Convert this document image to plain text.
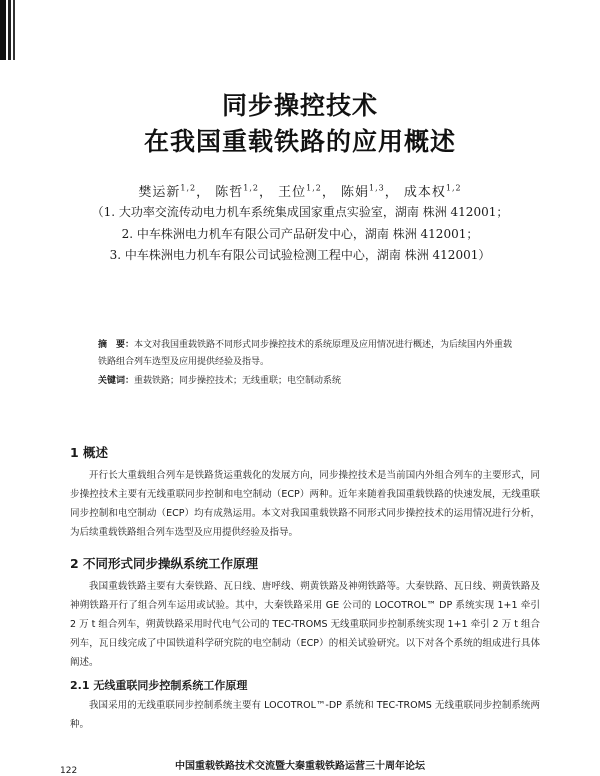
同步操控技术
在我国重载铁路的应用概述
樊运新$^{1,2}$， 陈哲$^{1,2}$， 王位$^{1,2}$， 陈娟$^{1,3}$， 成本权$^{1,2}$
（1. 大功率交流传动电力机车系统集成国家重点实验室，湖南 株洲 412001；
2. 中车株洲电力机车有限公司产品研发中心，湖南 株洲 412001；
3. 中车株洲电力机车有限公司试验检测工程中心，湖南 株洲 412001）
摘　要：本文对我国重载铁路不同形式同步操控技术的系统原理及应用情况进行概述，为后续国内外重载铁路组合列车选型及应用提供经验及指导。
关键词：重载铁路；同步操控技术；无线重联；电空制动系统
1 概述

开行长大重载组合列车是铁路货运重载化的发展方向，同步操控技术是当前国内外组合列车的主要形式，同步操控技术主要有无线重联同步控制和电空制动（ECP）两种。近年来随着我国重载铁路的快速发展，无线重联同步控制和电空制动（ECP）均有成熟运用。本文对我国重载铁路不同形式同步操控技术的运用情况进行分析，为后续重载铁路组合列车选型及应用提供经验及指导。

2 不同形式同步操纵系统工作原理

我国重载铁路主要有大秦铁路、瓦日线、唐呼线、朔黄铁路及神朔铁路等。大秦铁路、瓦日线、朔黄铁路及神朔铁路开行了组合列车运用或试验。其中，大秦铁路采用 GE 公司的 LOCOTROL™ DP 系统实现 1+1 牵引 2 万 t 组合列车，朔黄铁路采用时代电气公司的 TEC-TROMS 无线重联同步控制系统实现 1+1 牵引 2 万 t 组合列车，瓦日线完成了中国铁道科学研究院的电空制动（ECP）的相关试验研究。以下对各个系统的组成进行具体阐述。

2.1 无线重联同步控制系统工作原理

我国采用的无线重联同步控制系统主要有 LOCOTROL™-DP 系统和 TEC-TROMS 无线重联同步控制系统两种。

中国重载铁路技术交流暨大秦重载铁路运营三十周年论坛
122
